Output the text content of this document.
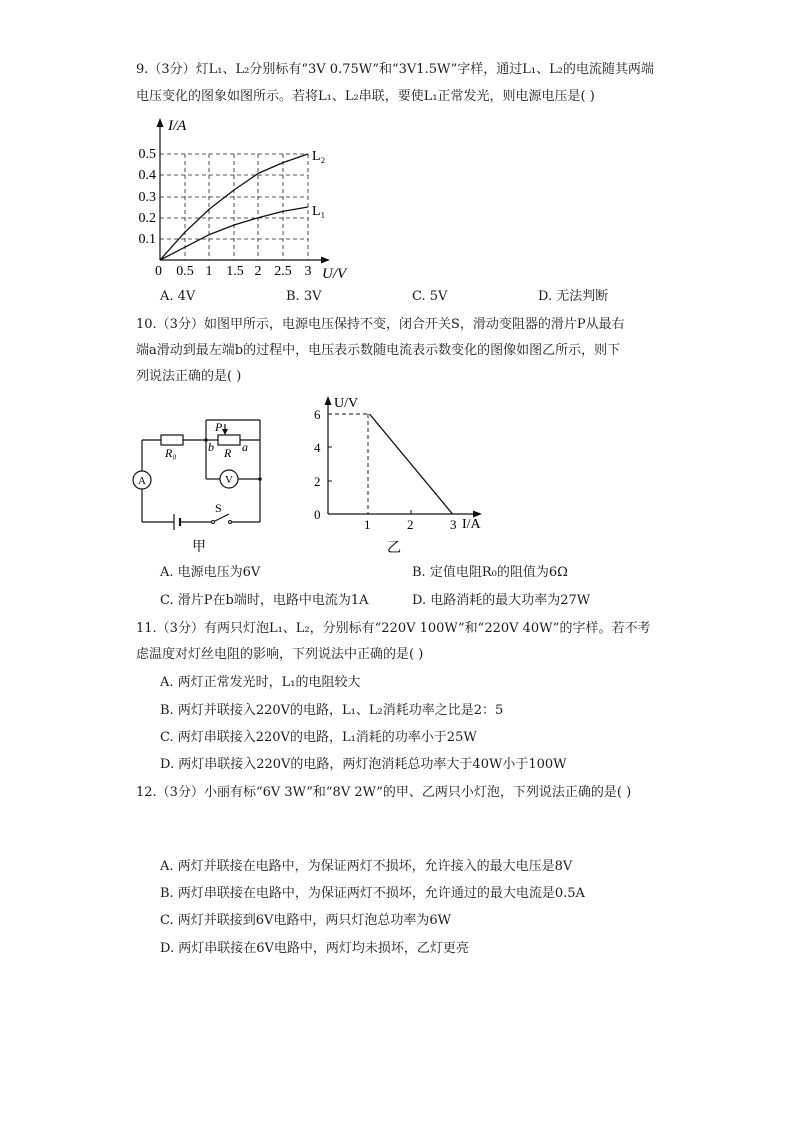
9.（3分）灯L₁、L₂分别标有“3V 0.75W”和“3V1.5W”字样，通过L₁、L₂的电流随其两端
电压变化的图象如图所示。若将L₁、L₂串联，要使L₁正常发光，则电源电压是( )
I/A
U/V
0
L₂
L₁
0.5 1 1.5 2 2.5 3
0.1
0.2
0.3
0.4
0.5
A. 4V	B. 3V	C. 5V	D. 无法判断
10.（3分）如图甲所示，电源电压保持不变，闭合开关S，滑动变阻器的滑片P从最右
端a滑动到最左端b的过程中，电压表示数随电流表示数变化的图像如图乙所示，则下
列说法正确的是( )
P
R₀	b R a
A	V
S
甲
U/V
I/A
0
6
4
2
1	2	3
乙
A. 电源电压为6V	B. 定值电阻R₀的阻值为6Ω
C. 滑片P在b端时，电路中电流为1A	D. 电路消耗的最大功率为27W
11.（3分）有两只灯泡L₁、L₂，分别标有“220V 100W”和“220V 40W”的字样。若不考
虑温度对灯丝电阻的影响，下列说法中正确的是( )
A. 两灯正常发光时，L₁的电阻较大
B. 两灯并联接入220V的电路，L₁、L₂消耗功率之比是2：5
C. 两灯串联接入220V的电路，L₁消耗的功率小于25W
D. 两灯串联接入220V的电路，两灯泡消耗总功率大于40W小于100W
12.（3分）小丽有标“6V 3W”和“8V 2W”的甲、乙两只小灯泡，下列说法正确的是( )
A. 两灯并联接在电路中，为保证两灯不损坏，允许接入的最大电压是8V
B. 两灯串联接在电路中，为保证两灯不损坏，允许通过的最大电流是0.5A
C. 两灯并联接到6V电路中，两只灯泡总功率为6W
D. 两灯串联接在6V电路中，两灯均未损坏，乙灯更亮
